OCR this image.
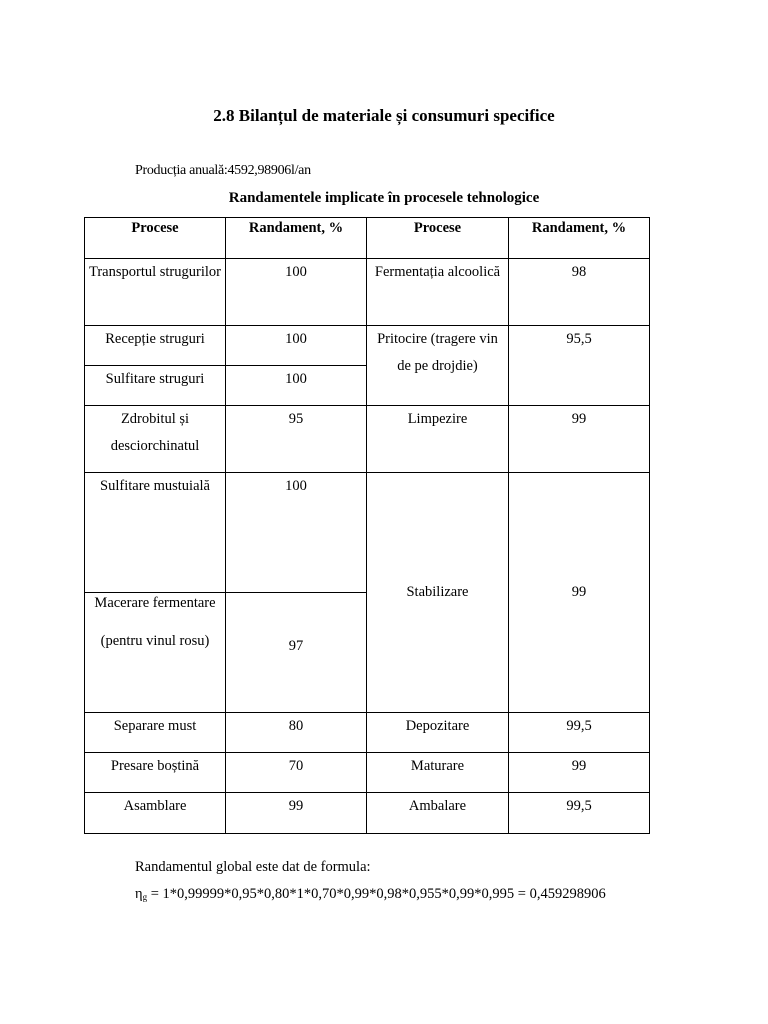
2.8 Bilanțul de materiale și consumuri specifice
Producția anuală:4592,98906l/an
Randamentele implicate în procesele tehnologice
Procese	Randament, %	Procese	Randament, %
Transportul strugurilor	100	Fermentația alcoolică	98
Recepție struguri	100	Pritocire (tragere vin de pe drojdie)	95,5
Sulfitare struguri	100		
Zdrobitul și desciorchinatul	95	Limpezire	99
Sulfitare mustuială	100	Stabilizare	99

Macerare fermentare
(pentru vinul rosu)	97		
Separare must	80	Depozitare	99,5
Presare boștină	70	Maturare	99
Asamblare	99	Ambalare	99,5
Randamentul global este dat de formula:
ηg = 1*0,99999*0,95*0,80*1*0,70*0,99*0,98*0,955*0,99*0,995 = 0,459298906
